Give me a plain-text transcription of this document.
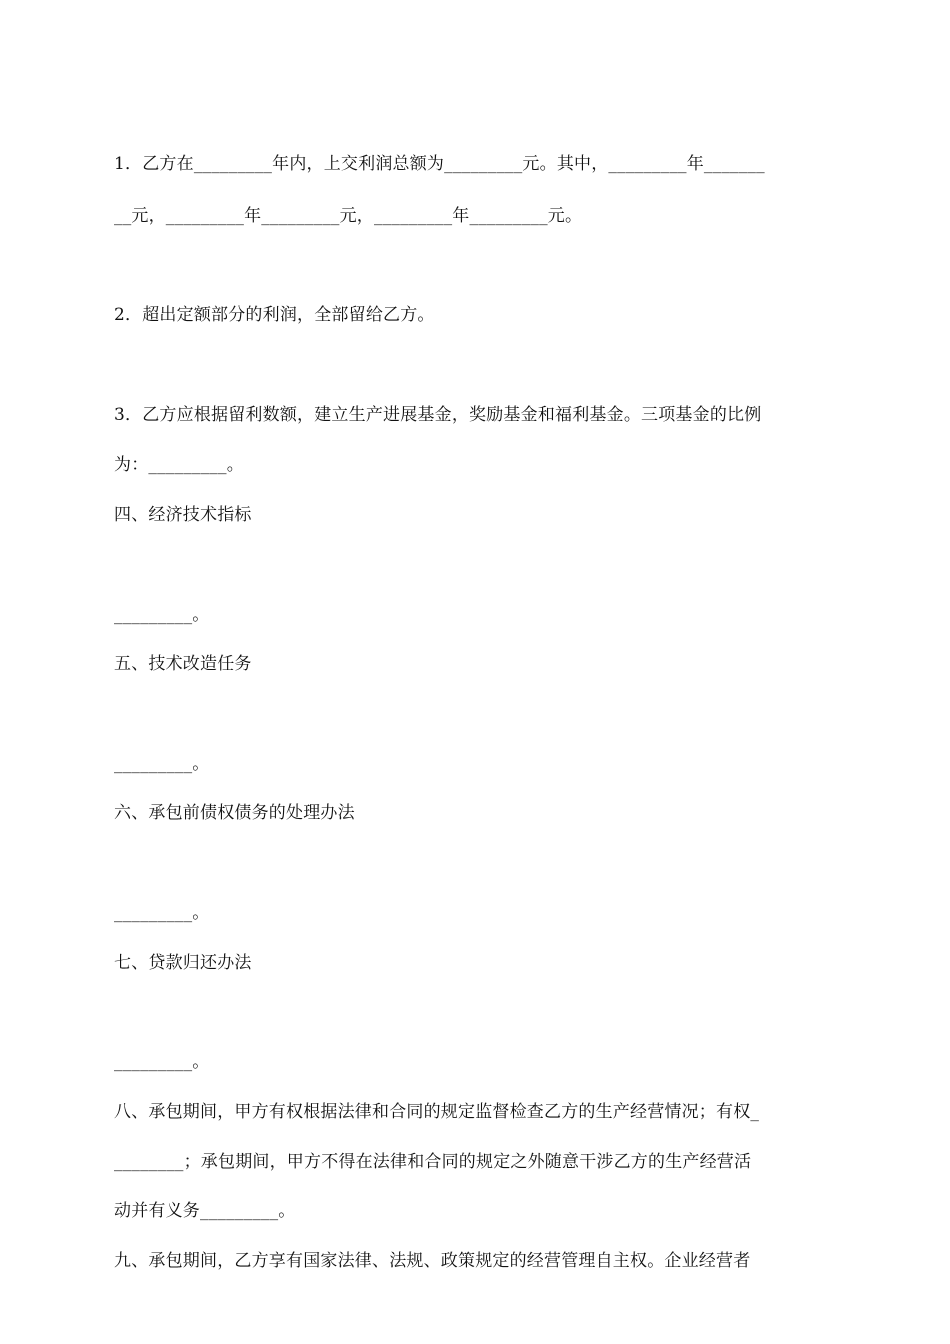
1．乙方在_________年内，上交利润总额为_________元。其中，_________年_______
__元，_________年_________元，_________年_________元。
2．超出定额部分的利润，全部留给乙方。
3．乙方应根据留利数额，建立生产进展基金，奖励基金和福利基金。三项基金的比例
为：_________。
四、经济技术指标
_________。
五、技术改造任务
_________。
六、承包前债权债务的处理办法
_________。
七、贷款归还办法
_________。
八、承包期间，甲方有权根据法律和合同的规定监督检查乙方的生产经营情况；有权_
________；承包期间，甲方不得在法律和合同的规定之外随意干涉乙方的生产经营活
动并有义务_________。
九、承包期间，乙方享有国家法律、法规、政策规定的经营管理自主权。企业经营者
